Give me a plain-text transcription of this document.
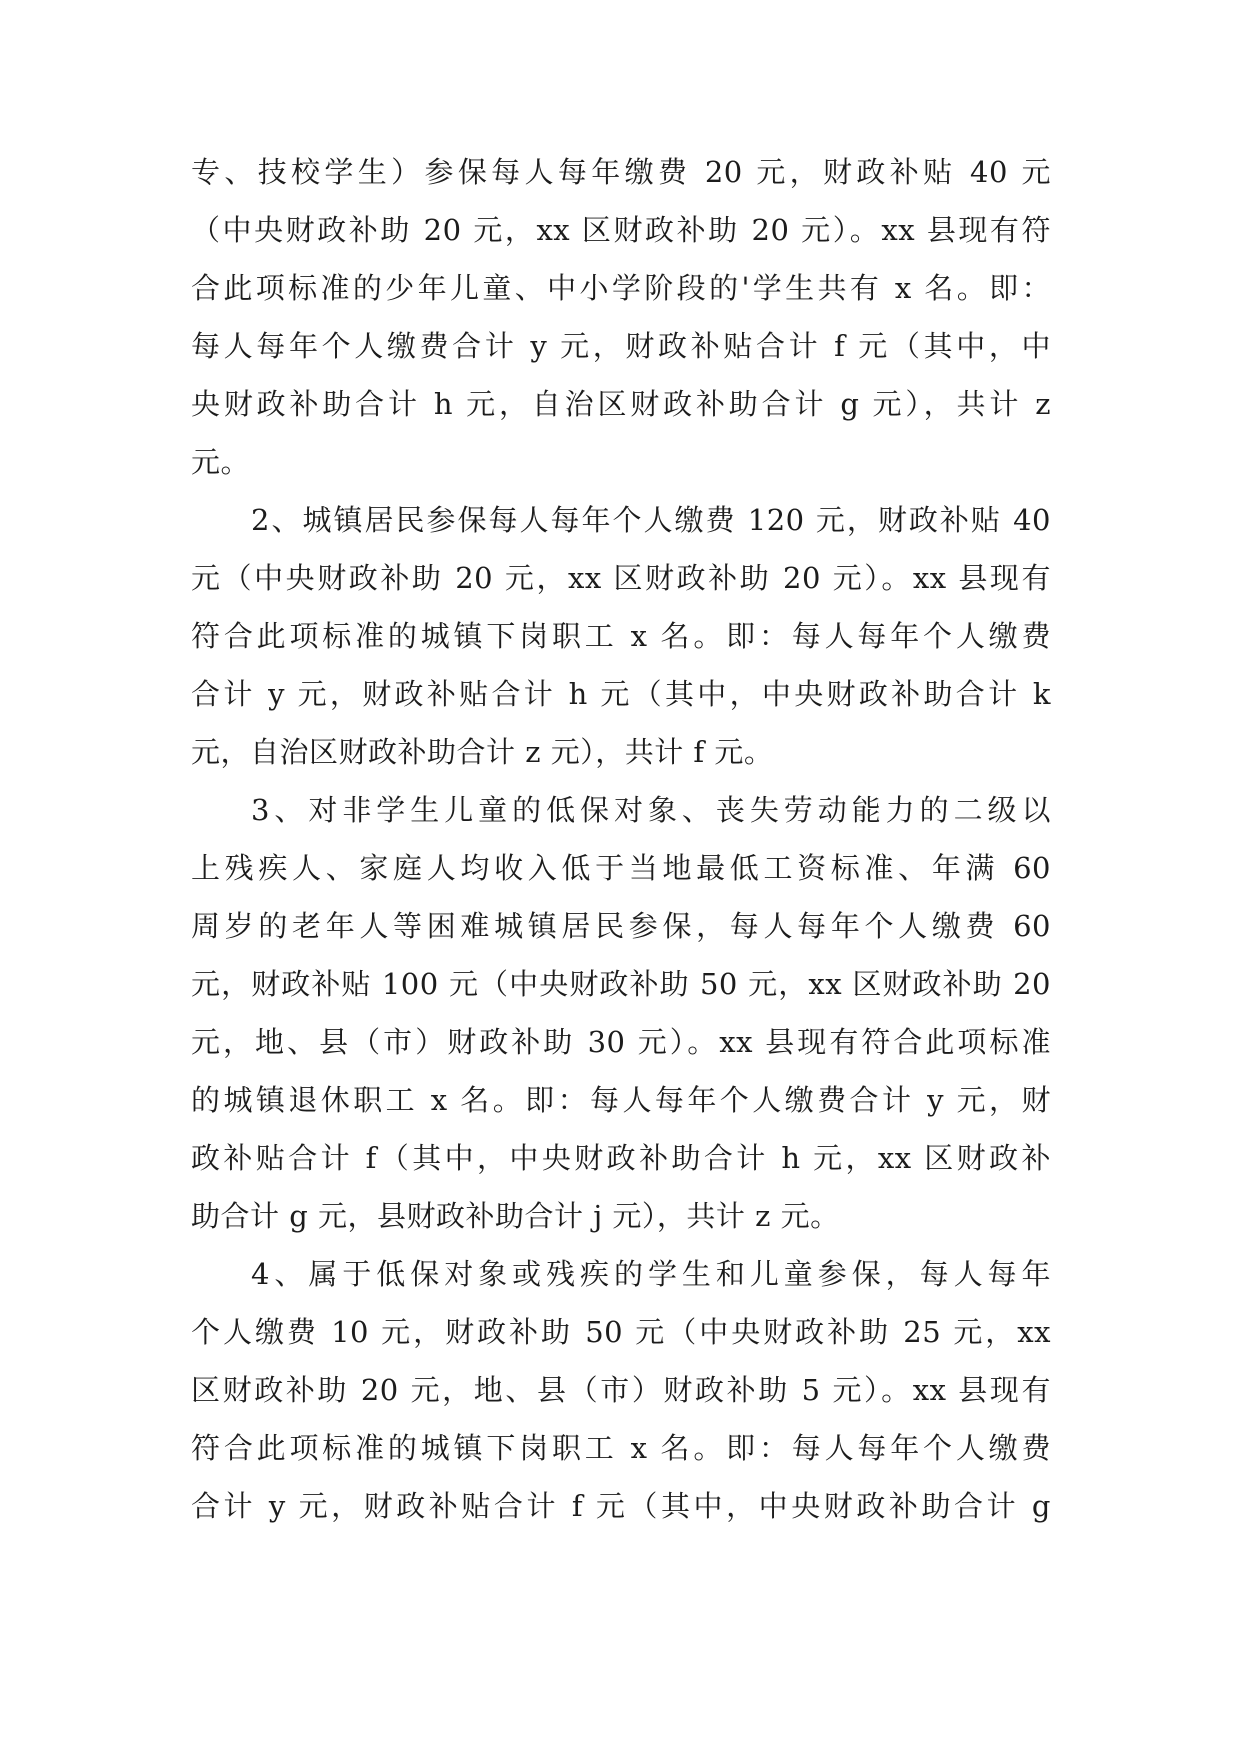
专、技校学生）参保每人每年缴费 20 元，财政补贴 40 元
（中央财政补助 20 元，xx 区财政补助 20 元）。xx 县现有符
合此项标准的少年儿童、中小学阶段的'学生共有 x 名。即：
每人每年个人缴费合计 y 元，财政补贴合计 f 元（其中，中
央财政补助合计 h 元，自治区财政补助合计 g 元），共计 z
元。
2、城镇居民参保每人每年个人缴费 120 元，财政补贴 40
元（中央财政补助 20 元，xx 区财政补助 20 元）。xx 县现有
符合此项标准的城镇下岗职工 x 名。即：每人每年个人缴费
合计 y 元，财政补贴合计 h 元（其中，中央财政补助合计 k
元，自治区财政补助合计 z 元），共计 f 元。
3、对非学生儿童的低保对象、丧失劳动能力的二级以
上残疾人、家庭人均收入低于当地最低工资标准、年满 60
周岁的老年人等困难城镇居民参保，每人每年个人缴费 60
元，财政补贴 100 元（中央财政补助 50 元，xx 区财政补助 20
元，地、县（市）财政补助 30 元）。xx 县现有符合此项标准
的城镇退休职工 x 名。即：每人每年个人缴费合计 y 元，财
政补贴合计 f（其中，中央财政补助合计 h 元，xx 区财政补
助合计 g 元，县财政补助合计 j 元），共计 z 元。
4、属于低保对象或残疾的学生和儿童参保，每人每年
个人缴费 10 元，财政补助 50 元（中央财政补助 25 元，xx
区财政补助 20 元，地、县（市）财政补助 5 元）。xx 县现有
符合此项标准的城镇下岗职工 x 名。即：每人每年个人缴费
合计 y 元，财政补贴合计 f 元（其中，中央财政补助合计 g
